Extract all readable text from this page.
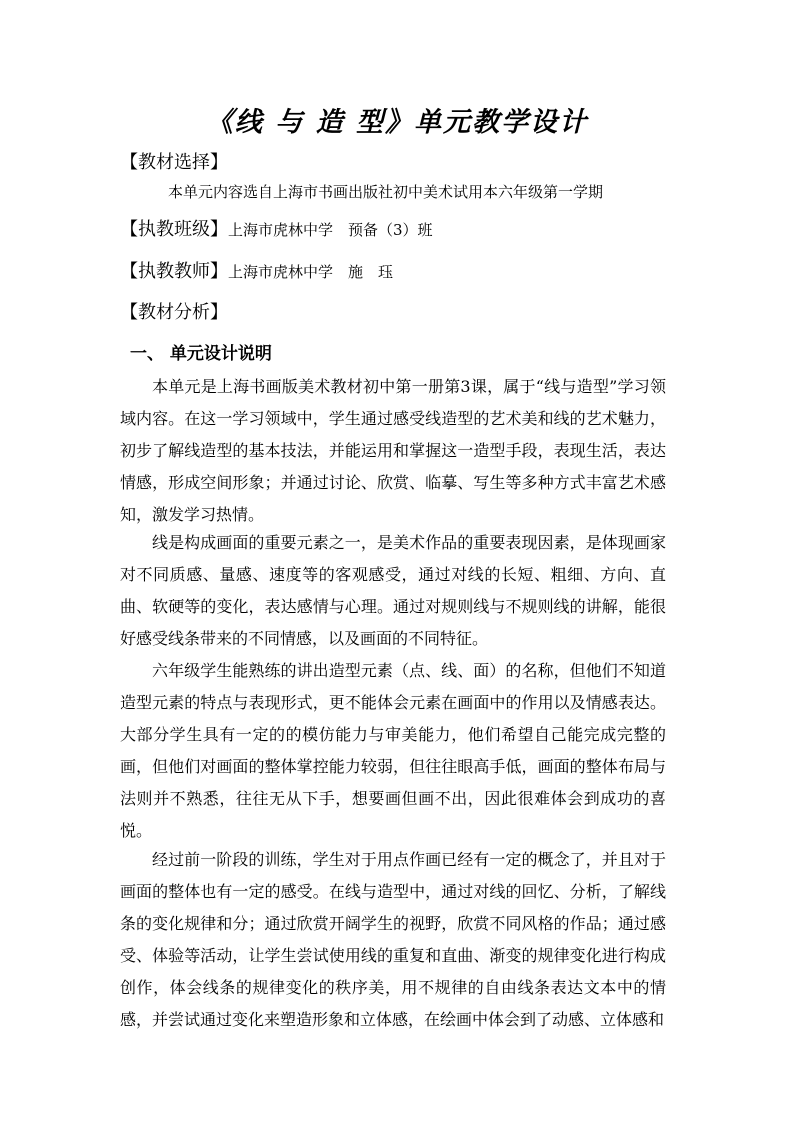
《线 与 造 型》单元教学设计
【教材选择】
本单元内容选自上海市书画出版社初中美术试用本六年级第一学期
【执教班级】上海市虎林中学　预备（3）班
【执教教师】上海市虎林中学　施　珏
【教材分析】
一、 单元设计说明

本单元是上海书画版美术教材初中第一册第3课，属于“线与造型”学习领域内容。在这一学习领域中，学生通过感受线造型的艺术美和线的艺术魅力，初步了解线造型的基本技法，并能运用和掌握这一造型手段，表现生活，表达情感，形成空间形象；并通过讨论、欣赏、临摹、写生等多种方式丰富艺术感知，激发学习热情。

线是构成画面的重要元素之一，是美术作品的重要表现因素，是体现画家对不同质感、量感、速度等的客观感受，通过对线的长短、粗细、方向、直曲、软硬等的变化，表达感情与心理。通过对规则线与不规则线的讲解，能很好感受线条带来的不同情感，以及画面的不同特征。

六年级学生能熟练的讲出造型元素（点、线、面）的名称，但他们不知道造型元素的特点与表现形式，更不能体会元素在画面中的作用以及情感表达。大部分学生具有一定的的模仿能力与审美能力，他们希望自己能完成完整的画，但他们对画面的整体掌控能力较弱，但往往眼高手低，画面的整体布局与法则并不熟悉，往往无从下手，想要画但画不出，因此很难体会到成功的喜悦。

经过前一阶段的训练，学生对于用点作画已经有一定的概念了，并且对于画面的整体也有一定的感受。在线与造型中，通过对线的回忆、分析，了解线条的变化规律和分；通过欣赏开阔学生的视野，欣赏不同风格的作品；通过感受、体验等活动，让学生尝试使用线的重复和直曲、渐变的规律变化进行构成创作，体会线条的规律变化的秩序美，用不规律的自由线条表达文本中的情感，并尝试通过变化来塑造形象和立体感，在绘画中体会到了动感、立体感和
